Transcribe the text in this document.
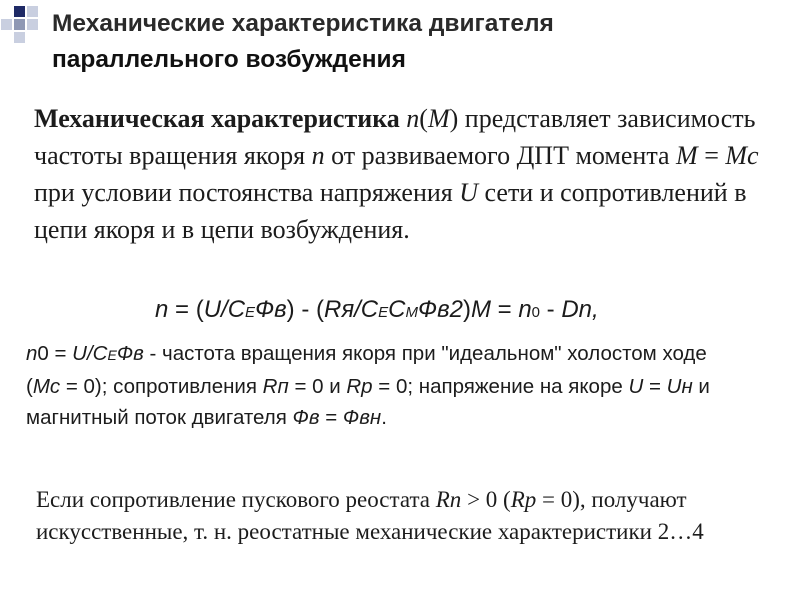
Механические характеристика двигателя
параллельного возбуждения
Механическая характеристика n(M) представляет зависимость частоты вращения якоря n от развиваемого ДПТ момента M = Mc при условии постоянства напряжения U сети и сопротивлений в цепи якоря и в цепи возбуждения.
n = (U/CEФв) - (Rя/CECMФв2)M = n0 - Dn,
n0 = U/CEФв - частота вращения якоря при "идеальном" холостом ходе (Mc = 0); сопротивления Rп = 0 и Rр = 0; напряжение на якоре U = Uн и магнитный поток двигателя Фв = Фвн.
Если сопротивление пускового реостата Rп > 0 (Rр = 0), получают искусственные, т. н. реостатные механические характеристики 2…4
